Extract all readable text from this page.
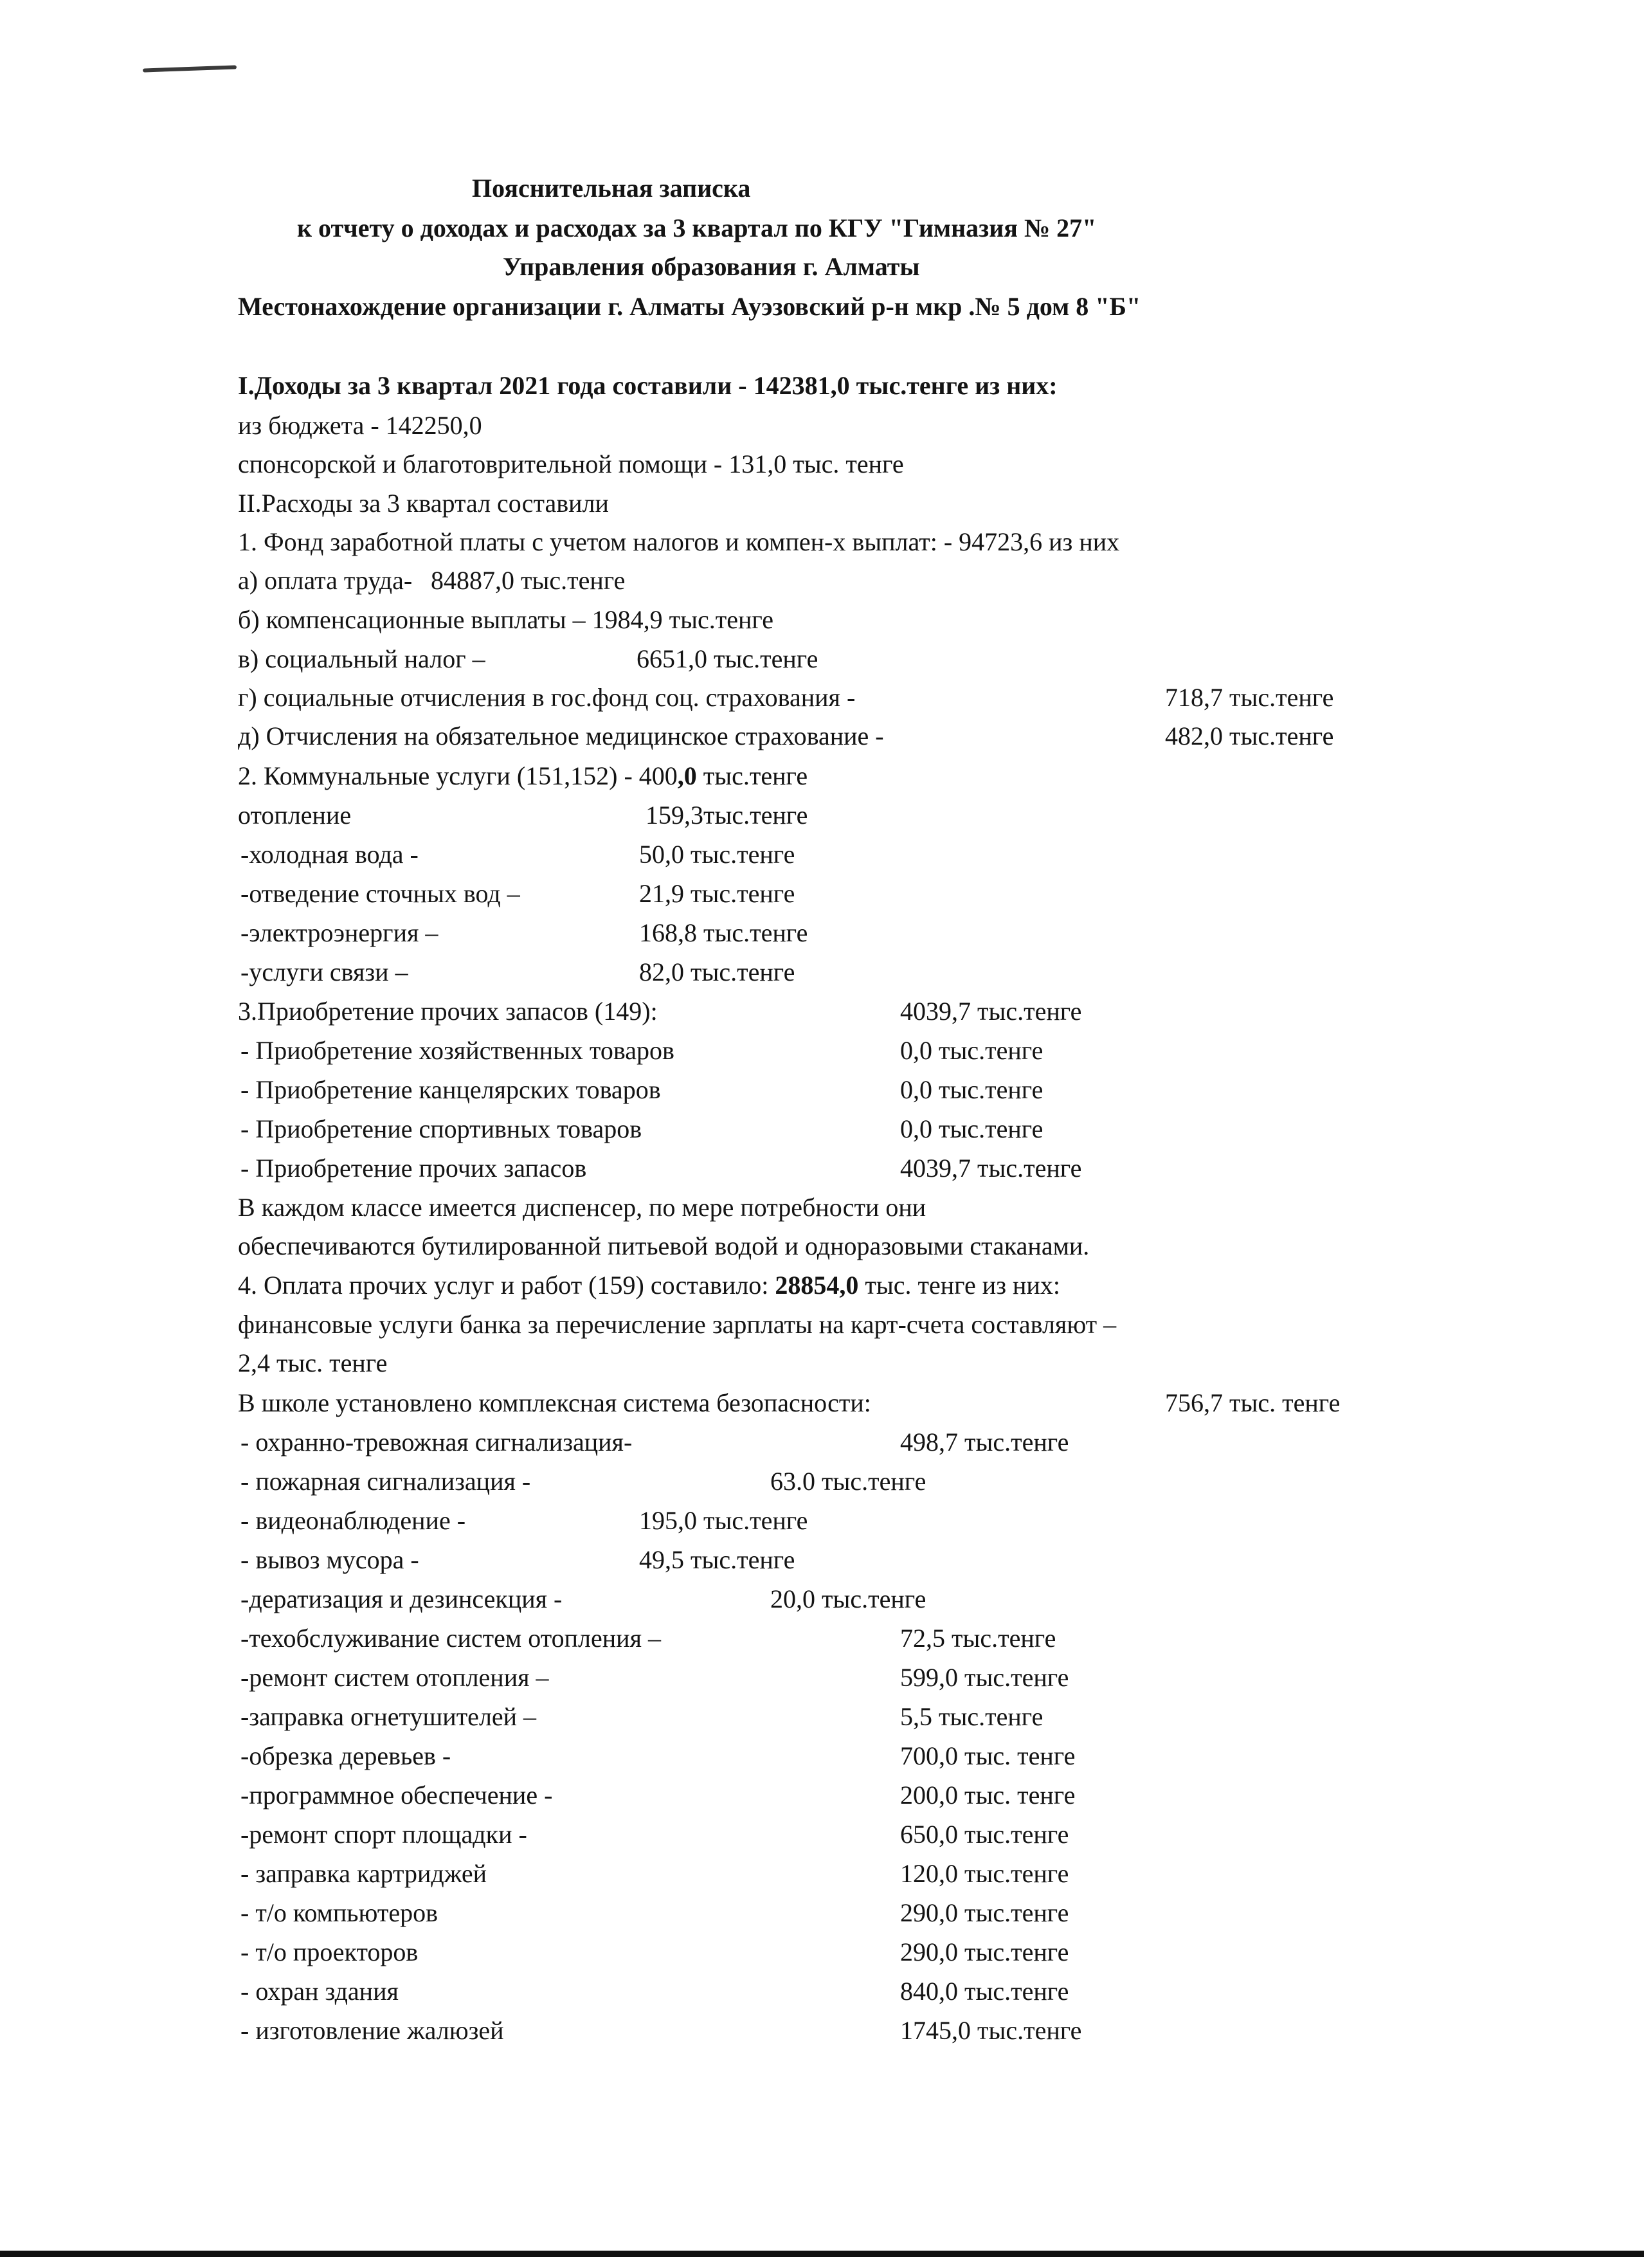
Пояснительная записка
к отчету о доходах и расходах за 3 квартал по КГУ "Гимназия № 27"
Управления образования г. Алматы
Местонахождение организации г. Алматы Ауэзовский р-н мкр .№ 5 дом 8 "Б"
I.Доходы за 3 квартал 2021 года составили - 142381,0 тыс.тенге из них:
из бюджета - 142250,0
спонсорской и благотоврительной помощи - 131,0 тыс. тенге
II.Расходы за 3 квартал составили
1. Фонд заработной платы с учетом налогов и компен-х выплат: - 94723,6 из них
а) оплата труда- 84887,0 тыс.тенге
б) компенсационные выплаты – 1984,9 тыс.тенге
в) социальный налог –	6651,0 тыс.тенге
г) социальные отчисления в гос.фонд соц. страхования -	718,7 тыс.тенге
д) Отчисления на обязательное медицинское страхование -	482,0 тыс.тенге
2. Коммунальные услуги (151,152) - 400,0 тыс.тенге
отопление	159,3тыс.тенге
-холодная вода -	50,0 тыс.тенге
-отведение сточных вод –	21,9 тыс.тенге
-электроэнергия –	168,8 тыс.тенге
-услуги связи –	82,0 тыс.тенге
3.Приобретение прочих запасов (149):	4039,7 тыс.тенге
- Приобретение хозяйственных товаров	0,0 тыс.тенге
- Приобретение канцелярских товаров	0,0 тыс.тенге
- Приобретение спортивных товаров	0,0 тыс.тенге
- Приобретение прочих запасов	4039,7 тыс.тенге
В каждом классе имеется диспенсер, по мере потребности они
обеспечиваются бутилированной питьевой водой и одноразовыми стаканами.
4. Оплата прочих услуг и работ (159) составило: 28854,0 тыс. тенге из них:
финансовые услуги банка за перечисление зарплаты на карт-счета составляют –
2,4 тыс. тенге
В школе установлено комплексная система безопасности:	756,7 тыс. тенге
- охранно-тревожная сигнализация-	498,7 тыс.тенге
- пожарная сигнализация -	63.0 тыс.тенге
- видеонаблюдение -	195,0 тыс.тенге
- вывоз мусора -	49,5 тыс.тенге
-дератизация и дезинсекция -	20,0 тыс.тенге
-техобслуживание систем отопления –	72,5 тыс.тенге
-ремонт систем отопления –	599,0 тыс.тенге
-заправка огнетушителей –	5,5 тыс.тенге
-обрезка деревьев -	700,0 тыс. тенге
-программное обеспечение -	200,0 тыс. тенге
-ремонт спорт площадки -	650,0 тыс.тенге
- заправка картриджей	120,0 тыс.тенге
- т/о компьютеров	290,0 тыс.тенге
- т/о проекторов	290,0 тыс.тенге
- охран здания	840,0 тыс.тенге
- изготовление жалюзей	1745,0 тыс.тенге
